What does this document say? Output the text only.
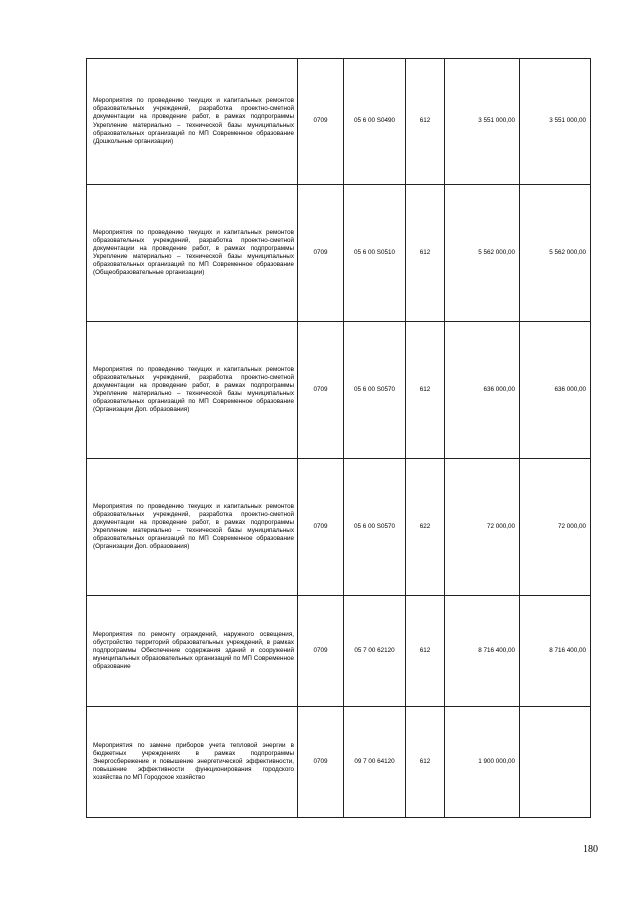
Мероприятия по проведению текущих и капитальных ремонтов образовательных учреждений, разработка проектно-сметной документации на проведение работ, в рамках подпрограммы Укрепление материально – технической базы муниципальных образовательных организаций по МП Современное образование (Дошкольные организации)	0709	05 6 00 S0490	612	3 551 000,00	3 551 000,00
Мероприятия по проведению текущих и капитальных ремонтов образовательных учреждений, разработка проектно-сметной документации на проведение работ, в рамках подпрограммы Укрепление материально – технической базы муниципальных образовательных организаций по МП Современное образование (Общеобразовательные организации)	0709	05 6 00 S0510	612	5 562 000,00	5 562 000,00
Мероприятия по проведению текущих и капитальных ремонтов образовательных учреждений, разработка проектно-сметной документации на проведение работ, в рамках подпрограммы Укрепление материально – технической базы муниципальных образовательных организаций по МП Современное образование (Организации Доп. образования)	0709	05 6 00 S0570	612	636 000,00	636 000,00
Мероприятия по проведению текущих и капитальных ремонтов образовательных учреждений, разработка проектно-сметной документации на проведение работ, в рамках подпрограммы Укрепление материально – технической базы муниципальных образовательных организаций по МП Современное образование (Организации Доп. образования)	0709	05 6 00 S0570	622	72 000,00	72 000,00
Мероприятия по ремонту ограждений, наружного освещения, обустройство территорий образовательных учреждений, в рамках подпрограммы Обеспечение содержания зданий и сооружений муниципальных образовательных организаций по МП Современное образование	0709	05 7 00 62120	612	8 716 400,00	8 716 400,00
Мероприятия по замене приборов учета тепловой энергии в бюджетных учреждениях в рамках подпрограммы Энергосбережение и повышение энергетической эффективности, повышение эффективности функционирования городского хозяйства по МП Городское хозяйство	0709	09 7 00 64120	612	1 900 000,00	
180
